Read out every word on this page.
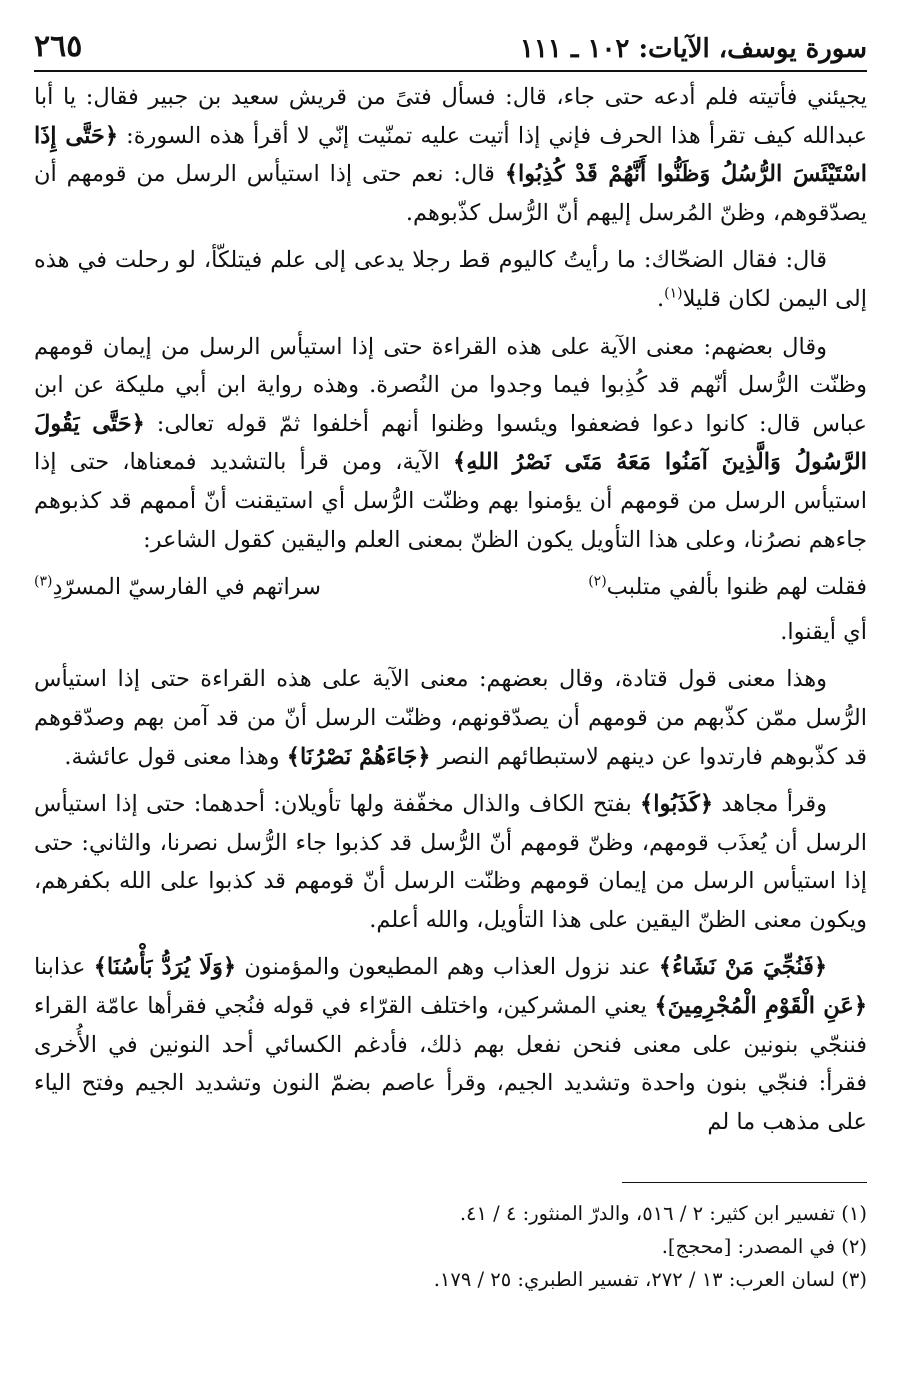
٢٦٥	سورة يوسف، الآيات: ١٠٢ ـ ١١١

يجيئني فأتيته فلم أدعه حتى جاء، قال: فسأل فتىً من قريش سعيد بن جبير فقال: يا أبا عبدالله كيف تقرأ هذا الحرف فإني إذا أتيت عليه تمنّيت إنّي لا أقرأ هذه السورة: ﴿حَتَّى إِذَا اسْتَيْئَسَ الرُّسُلُ وَظَنُّوا أَنَّهُمْ قَدْ كُذِبُوا﴾ قال: نعم حتى إذا استيأس الرسل من قومهم أن يصدّقوهم، وظنّ المُرسل إليهم أنّ الرُّسل كذّبوهم.

قال: فقال الضحّاك: ما رأيتُ كاليوم قط رجلا يدعى إلى علم فيتلكّأ، لو رحلت في هذه إلى اليمن لكان قليلا$^{(١)}$.

وقال بعضهم: معنى الآية على هذه القراءة حتى إذا استيأس الرسل من إيمان قومهم وظنّت الرُّسل أنّهم قد كُذِبوا فيما وجدوا من النُصرة. وهذه رواية ابن أبي مليكة عن ابن عباس قال: كانوا دعوا فضعفوا ويئسوا وظنوا أنهم أخلفوا ثمّ قوله تعالى: ﴿حَتَّى يَقُولَ الرَّسُولُ وَالَّذِينَ آمَنُوا مَعَهُ مَتَى نَصْرُ اللهِ﴾ الآية، ومن قرأ بالتشديد فمعناها، حتى إذا استيأس الرسل من قومهم أن يؤمنوا بهم وظنّت الرُّسل أي استيقنت أنّ أممهم قد كذبوهم جاءهم نصرُنا، وعلى هذا التأويل يكون الظنّ بمعنى العلم واليقين كقول الشاعر:

فقلت لهم ظنوا بألفي متلبب$^{(٢)}$
سراتهم في الفارسيّ المسرّدِ$^{(٣)}$

أي أيقنوا.

وهذا معنى قول قتادة، وقال بعضهم: معنى الآية على هذه القراءة حتى إذا استيأس الرُّسل ممّن كذّبهم من قومهم أن يصدّقونهم، وظنّت الرسل أنّ من قد آمن بهم وصدّقوهم قد كذّبوهم فارتدوا عن دينهم لاستبطائهم النصر ﴿جَاءَهُمْ نَصْرُنَا﴾ وهذا معنى قول عائشة.

وقرأ مجاهد ﴿كَذَبُوا﴾ بفتح الكاف والذال مخفّفة ولها تأويلان: أحدهما: حتى إذا استيأس الرسل أن يُعذَب قومهم، وظنّ قومهم أنّ الرُّسل قد كذبوا جاء الرُّسل نصرنا، والثاني: حتى إذا استيأس الرسل من إيمان قومهم وظنّت الرسل أنّ قومهم قد كذبوا على الله بكفرهم، ويكون معنى الظنّ اليقين على هذا التأويل، والله أعلم.

﴿فَنُجِّيَ مَنْ نَشَاءُ﴾ عند نزول العذاب وهم المطيعون والمؤمنون ﴿وَلَا يُرَدُّ بَأْسُنَا﴾ عذابنا ﴿عَنِ الْقَوْمِ الْمُجْرِمِينَ﴾ يعني المشركين، واختلف القرّاء في قوله فنُجي فقرأها عامّة القراء فننجّي بنونين على معنى فنحن نفعل بهم ذلك، فأدغم الكسائي أحد النونين في الأُخرى فقرأ: فنجّي بنون واحدة وتشديد الجيم، وقرأ عاصم بضمّ النون وتشديد الجيم وفتح الياء على مذهب ما لم

(١) تفسير ابن كثير: ٢ / ٥١٦، والدرّ المنثور: ٤ / ٤١.
(٢) في المصدر: [محجج].
(٣) لسان العرب: ١٣ / ٢٧٢، تفسير الطبري: ٢٥ / ١٧٩.
